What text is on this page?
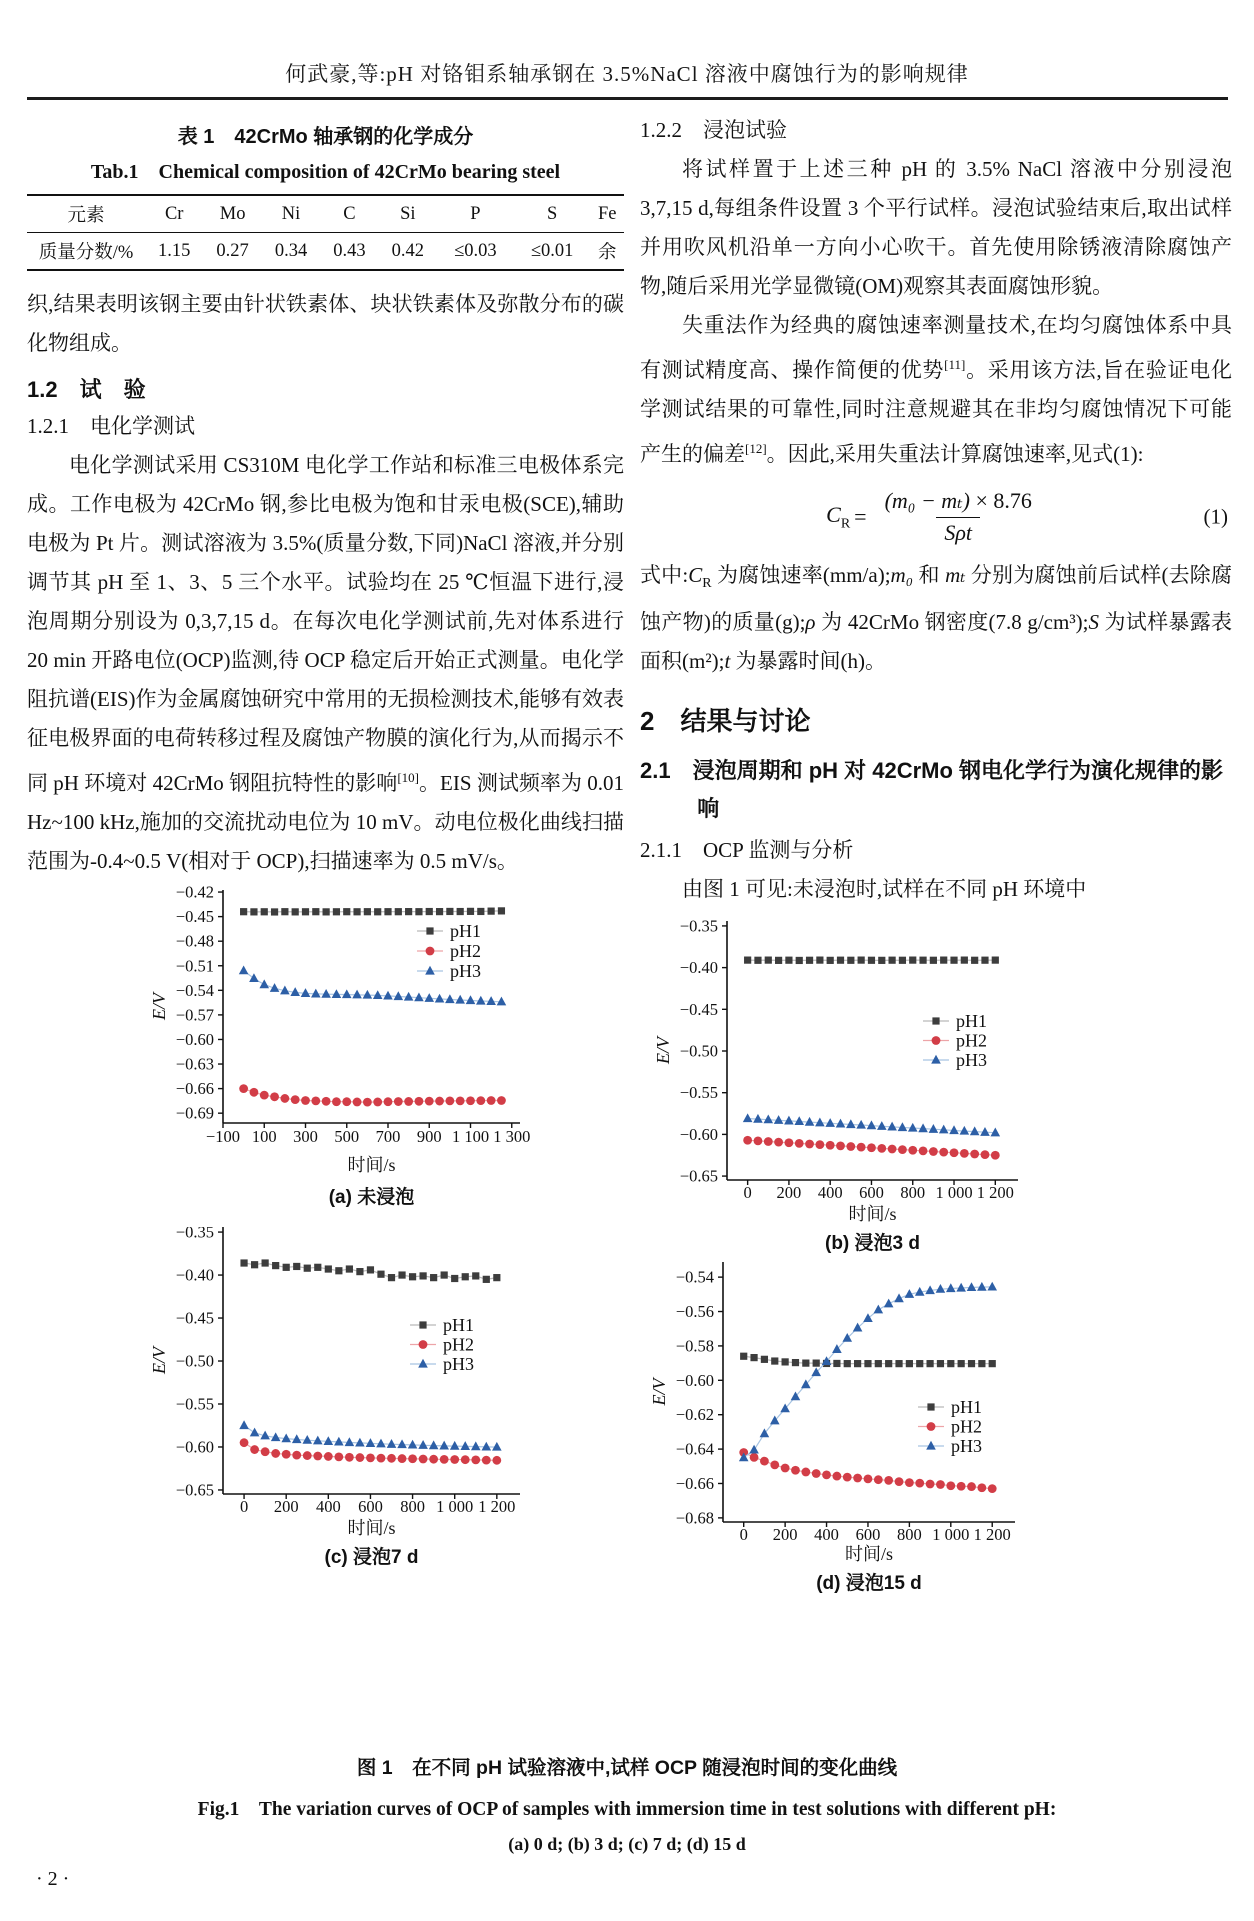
何武豪,等:pH 对铬钼系轴承钢在 3.5%NaCl 溶液中腐蚀行为的影响规律
表 1　42CrMo 轴承钢的化学成分
Tab.1　Chemical composition of 42CrMo bearing steel
元素	Cr	Mo	Ni	C	Si	P	S	Fe
质量分数/%	1.15	0.27	0.34	0.43	0.42	≤0.03	≤0.01	余

织,结果表明该钢主要由针状铁素体、块状铁素体及弥散分布的碳化物组成。

1.2　试　验
1.2.1　电化学测试

电化学测试采用 CS310M 电化学工作站和标准三电极体系完成。工作电极为 42CrMo 钢,参比电极为饱和甘汞电极(SCE),辅助电极为 Pt 片。测试溶液为 3.5%(质量分数,下同)NaCl 溶液,并分别调节其 pH 至 1、3、5 三个水平。试验均在 25 ℃恒温下进行,浸泡周期分别设为 0,3,7,15 d。在每次电化学测试前,先对体系进行 20 min 开路电位(OCP)监测,待 OCP 稳定后开始正式测量。电化学阻抗谱(EIS)作为金属腐蚀研究中常用的无损检测技术,能够有效表征电极界面的电荷转移过程及腐蚀产物膜的演化行为,从而揭示不同 pH 环境对 42CrMo 钢阻抗特性的影响[10]。EIS 测试频率为 0.01 Hz~100 kHz,施加的交流扰动电位为 10 mV。动电位极化曲线扫描范围为-0.4~0.5 V(相对于 OCP),扫描速率为 0.5 mV/s。

−100 100 300 500 700 900 1 100 1 300
−0.42
−0.45
−0.48
−0.51
−0.54
−0.57
−0.60
−0.63
−0.66
−0.69
E/V
时间/s
pH1
pH2
pH3
(a) 未浸泡
0 200 400 600 800 1 000 1 200
−0.35
−0.40
−0.45
−0.50
−0.55
−0.60
−0.65
E/V
时间/s
pH1
pH2
pH3
(c) 浸泡7 d
1.2.2　浸泡试验

将试样置于上述三种 pH 的 3.5% NaCl 溶液中分别浸泡 3,7,15 d,每组条件设置 3 个平行试样。浸泡试验结束后,取出试样并用吹风机沿单一方向小心吹干。首先使用除锈液清除腐蚀产物,随后采用光学显微镜(OM)观察其表面腐蚀形貌。

失重法作为经典的腐蚀速率测量技术,在均匀腐蚀体系中具有测试精度高、操作简便的优势[11]。采用该方法,旨在验证电化学测试结果的可靠性,同时注意规避其在非均匀腐蚀情况下可能产生的偏差[12]。因此,采用失重法计算腐蚀速率,见式(1):

$C_R = \frac{\text{(m₀ − mₜ) × 8.76}}{\text{Sρt}}$	(1)

式中$:C_R$ 为腐蚀速率(mm/a);m₀ 和 mₜ 分别为腐蚀前后试样(去除腐蚀产物)的质量(g);ρ 为 42CrMo 钢密度(7.8 g/cm³);S 为试样暴露表面积(m²);t 为暴露时间(h)。

2　结果与讨论
2.1　浸泡周期和 pH 对 42CrMo 钢电化学行为演化规律的影响
2.1.1　OCP 监测与分析

由图 1 可见:未浸泡时,试样在不同 pH 环境中

0 200 400 600 800 1 000 1 200
−0.35
−0.40
−0.45
−0.50
−0.55
−0.60
−0.65
E/V
时间/s
pH1
pH2
pH3
(b) 浸泡3 d
0 200 400 600 800 1 000 1 200
−0.54
−0.56
−0.58
−0.60
−0.62
−0.64
−0.66
−0.68
E/V
时间/s
pH1
pH2
pH3
(d) 浸泡15 d
图 1　在不同 pH 试验溶液中,试样 OCP 随浸泡时间的变化曲线
Fig.1　The variation curves of OCP of samples with immersion time in test solutions with different pH:
(a) 0 d; (b) 3 d; (c) 7 d; (d) 15 d
· 2 ·
